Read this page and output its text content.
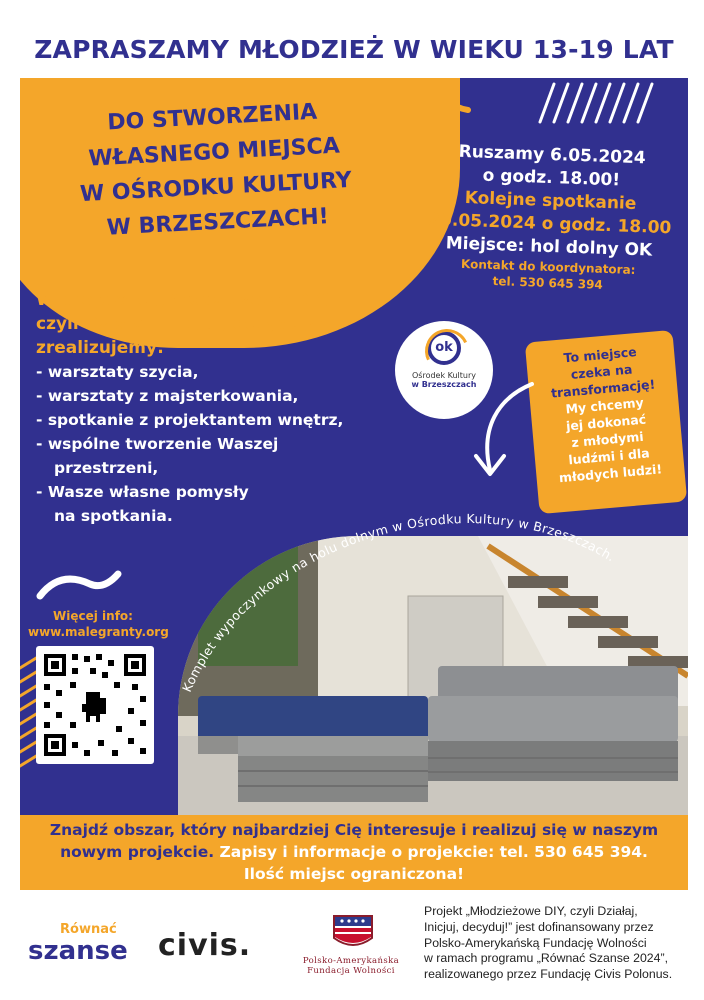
ZAPRASZAMY MŁODZIEŻ W WIEKU 13-19 LAT
DO STWORZENIA
WŁASNEGO MIEJSCA
W OŚRODKU KULTURY
W BRZESZCZACH!
Ruszamy 6.05.2024
o godz. 18.00!
Kolejne spotkanie
20.05.2024 o godz. 18.00
Miejsce: hol dolny OK
Kontakt do koordynatora:
tel. 530 645 394
W projekcie „Młodzieżowe DIY,
czyli Działaj, Inicjuj, decyduj!”
zrealizujemy:
- warsztaty szycia,
- warsztaty z majsterkowania,
- spotkanie z projektantem wnętrz,
- wspólne tworzenie Waszej
przestrzeni,
- Wasze własne pomysły
na spotkania.
ok
Ośrodek Kultury
w Brzeszczach
To miejsce
czeka na
transformację!
My chcemy
jej dokonać
z młodymi
ludźmi i dla
młodych ludzi!
Komplet wypoczynkowy na holu dolnym w Ośrodku Kultury w Brzeszczach.
Więcej info:
www.malegranty.org
Znajdź obszar, który najbardziej Cię interesuje i realizuj się w naszym
nowym projekcie. Zapisy i informacje o projekcie: tel. 530 645 394.
Ilość miejsc ograniczona!
Równać
szanse civis.	Polsko-Amerykańska
Fundacja Wolności
Projekt „Młodzieżowe DIY, czyli Działaj,
Inicjuj, decyduj!” jest dofinansowany przez
Polsko-Amerykańską Fundację Wolności
w ramach programu „Równać Szanse 2024”,
realizowanego przez Fundację Civis Polonus.
